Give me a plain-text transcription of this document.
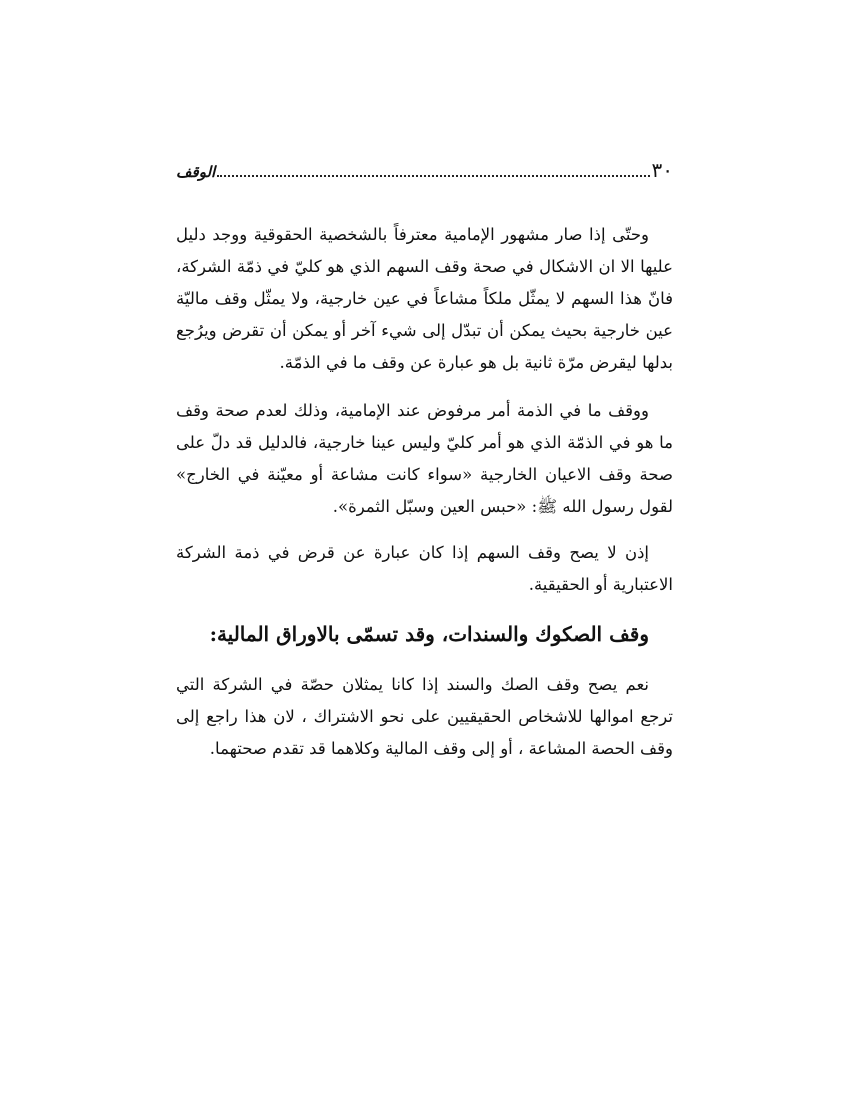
٣٠
الوقف

وحتّى إذا صار مشهور الإمامية معترفاً بالشخصية الحقوقية ووجد دليل عليها الا ان الاشكال في صحة وقف السهم الذي هو كليّ في ذمّة الشركة، فانّ هذا السهم لا يمثّل ملكاً مشاعاً في عين خارجية، ولا يمثّل وقف ماليّة عين خارجية بحيث يمكن أن تبدّل إلى شيء آخر أو يمكن أن تقرض ويرُجع بدلها ليقرض مرّة ثانية بل هو عبارة عن وقف ما في الذمّة.

ووقف ما في الذمة أمر مرفوض عند الإمامية، وذلك لعدم صحة وقف ما هو في الذمّة الذي هو أمر كليّ وليس عينا خارجية، فالدليل قد دلّ على صحة وقف الاعيان الخارجية «سواء كانت مشاعة أو معيّنة في الخارج» لقول رسول الله ﷺ: «حبس العين وسبّل الثمرة».

إذن لا يصح وقف السهم إذا كان عبارة عن قرض في ذمة الشركة الاعتبارية أو الحقيقية.

وقف الصكوك والسندات، وقد تسمّى بالاوراق المالية:

نعم يصح وقف الصك والسند إذا كانا يمثلان حصّة في الشركة التي ترجع اموالها للاشخاص الحقيقيين على نحو الاشتراك ، لان هذا راجع إلى وقف الحصة المشاعة ، أو إلى وقف المالية وكلاهما قد تقدم صحتهما.
